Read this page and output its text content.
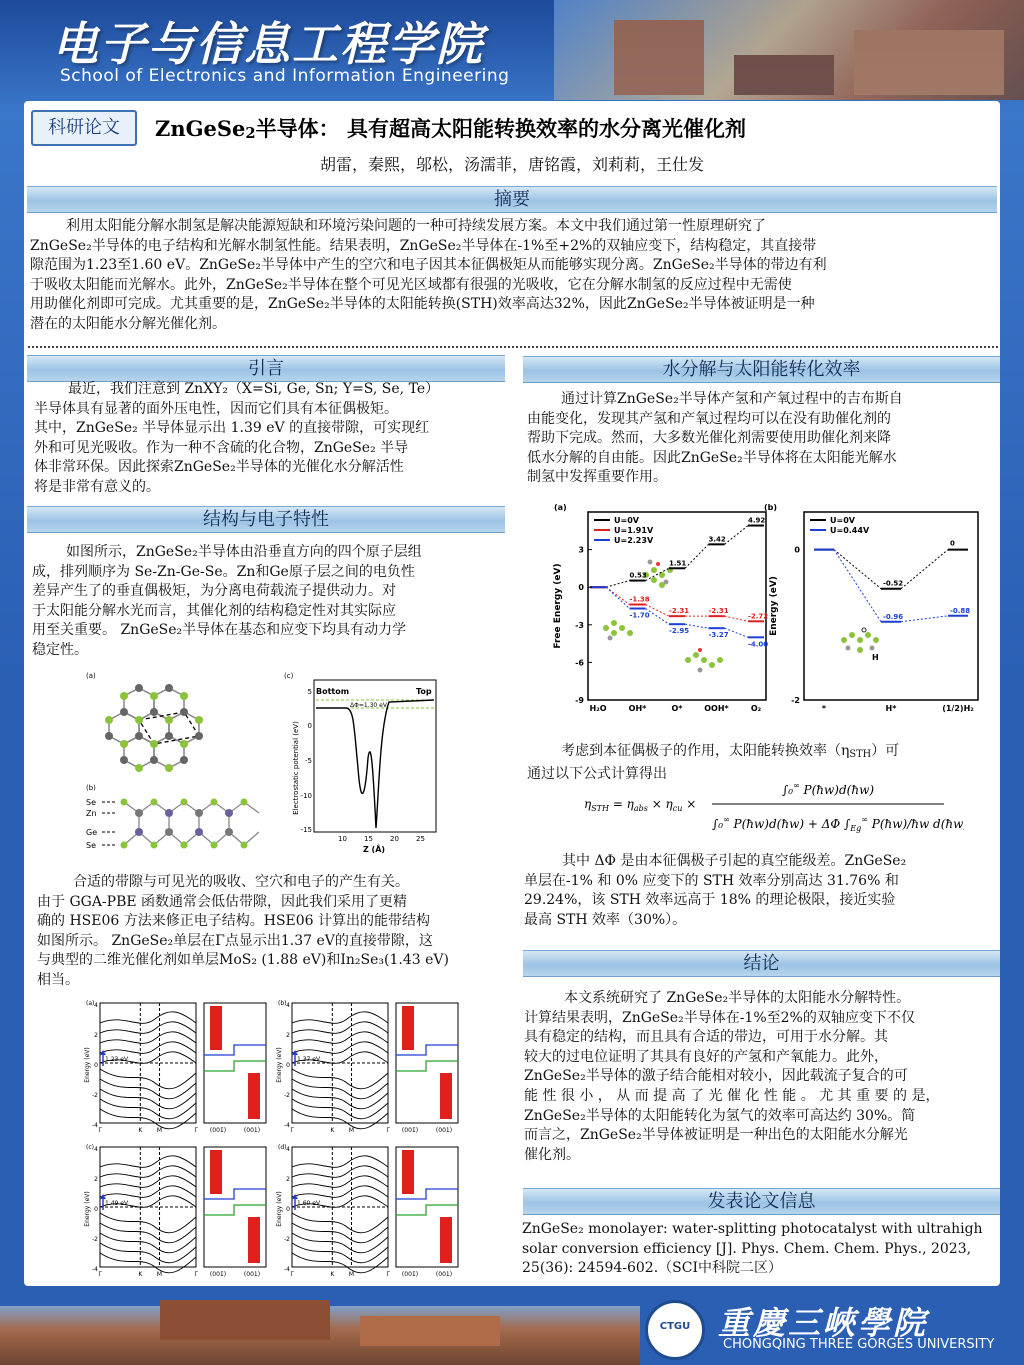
电子与信息工程学院
School of Electronics and Information Engineering
科研论文	ZnGeSe$_2$半导体： 具有超高太阳能转换效率的水分离光催化剂
胡雷，秦熙，邬松，汤濡菲，唐铭霞，刘莉莉，王仕发
摘要
利用太阳能分解水制氢是解决能源短缺和环境污染问题的一种可持续发展方案。本文中我们通过第一性原理研究了
ZnGeSe₂半导体的电子结构和光解水制氢性能。结果表明，ZnGeSe₂半导体在-1%至+2%的双轴应变下，结构稳定，其直接带
隙范围为1.23至1.60 eV。ZnGeSe₂半导体中产生的空穴和电子因其本征偶极矩从而能够实现分离。ZnGeSe₂半导体的带边有利
于吸收太阳能而光解水。此外，ZnGeSe₂半导体在整个可见光区域都有很强的光吸收，它在分解水制氢的反应过程中无需使
用助催化剂即可完成。尤其重要的是，ZnGeSe₂半导体的太阳能转换(STH)效率高达32%，因此ZnGeSe₂半导体被证明是一种
潜在的太阳能水分解光催化剂。
引言
最近，我们注意到 ZnXY₂（X=Si, Ge, Sn; Y=S, Se, Te）
半导体具有显著的面外压电性，因而它们具有本征偶极矩。
其中，ZnGeSe₂ 半导体显示出 1.39 eV 的直接带隙，可实现红
外和可见光吸收。作为一种不含硫的化合物，ZnGeSe₂ 半导
体非常环保。因此探索ZnGeSe₂半导体的光催化水分解活性
将是非常有意义的。
结构与电子特性
如图所示，ZnGeSe₂半导体由沿垂直方向的四个原子层组
成，排列顺序为 Se-Zn-Ge-Se。Zn和Ge原子层之间的电负性
差异产生了的垂直偶极矩，为分离电荷载流子提供动力。对
于太阳能分解水光而言，其催化剂的结构稳定性对其实际应
用至关重要。 ZnGeSe₂半导体在基态和应变下均具有动力学
稳定性。
(a)
(b)
Se
Zn
Ge
Se
(c)
Bottom	Top
ΔΦ=1.30 eV
Electrostatic potential (eV)
5
0
-5
-10
-15
10 15 20 25
Z (Å)
合适的带隙与可见光的吸收、空穴和电子的产生有关。
由于 GGA-PBE 函数通常会低估带隙，因此我们采用了更精
确的 HSE06 方法来修正电子结构。HSE06 计算出的能带结构
如图所示。 ZnGeSe₂单层在Γ点显示出1.37 eV的直接带隙，这
与典型的二维光催化剂如单层MoS₂ (1.88 eV)和In₂Se₃(1.43 eV)
相当。
(a)
1.23 eV
4
2
0
-2
-4
Energy (eV)
Γ	K M	Γ (001̄)	(001)
(b)
1.37 eV
4
2
0
-2
-4
Energy (eV)
Γ	K M	Γ (001̄)	(001)
(c)
1.49 eV
4
2
0
-2
-4
Energy (eV)
Γ	K M	Γ (001̄)	(001)
(d)
1.60 eV
4
2
0
-2
-4
Energy (eV)
Γ	K M	Γ (001̄)	(001)
水分解与太阳能转化效率
通过计算ZnGeSe₂半导体产氢和产氧过程中的吉布斯自
由能变化，发现其产氢和产氧过程均可以在没有助催化剂的
帮助下完成。然而，大多数光催化剂需要使用助催化剂来降
低水分解的自由能。因此ZnGeSe₂半导体将在太阳能光解水
制氢中发挥重要作用。
(a)	(b)
Free Energy (eV)	Energy (eV)
0.53
1.51
3.42
4.92
-1.38
-1.70
-2.31
-2.95
-2.31
-3.27
-2.72
-4.00
3
0
-3
-6
-9
H₂O	OH*	O*	OOH*	O₂
U=0V
U=1.91V
U=2.23V
-0.52
0
-0.96
-0.88
0
-2
*	H*	(1/2)H₂
U=0V
U=0.44V
H
考虑到本征偶极子的作用，太阳能转换效率$(\eta_{STH})$可
通过以下公式计算得出
$\eta_{STH} = \eta_{abs} \times \eta_{cu}$ ×
∫₀∞ P(ħw)d(ħw)
∫₀∞ P(ħw)d(ħw) + ΔΦ $\int_{Eg}^\infty$ P(ħw)/ħw d(ħw)
其中 ΔΦ 是由本征偶极子引起的真空能级差。ZnGeSe₂
单层在-1% 和 0% 应变下的 STH 效率分别高达 31.76% 和
29.24%，该 STH 效率远高于 18% 的理论极限，接近实验
最高 STH 效率（30%）。
结论
本文系统研究了 ZnGeSe₂半导体的太阳能水分解特性。
计算结果表明，ZnGeSe₂半导体在-1%至2%的双轴应变下不仅
具有稳定的结构，而且具有合适的带边，可用于水分解。其
较大的过电位证明了其具有良好的产氢和产氧能力。此外，
ZnGeSe₂半导体的激子结合能相对较小，因此载流子复合的可
能 性 很 小 ， 从 而 提 高 了 光 催 化 性 能 。 尤 其 重 要 的 是，
ZnGeSe₂半导体的太阳能转化为氢气的效率可高达约 30%。简
而言之，ZnGeSe₂半导体被证明是一种出色的太阳能水分解光
催化剂。
发表论文信息
ZnGeSe₂ monolayer: water-splitting photocatalyst with ultrahigh
solar conversion efficiency [J]. Phys. Chem. Chem. Phys., 2023,
25(36): 24594-602.（SCI中科院二区）
CTGU 重慶三峽學院
CHONGQING THREE GORGES UNIVERSITY
